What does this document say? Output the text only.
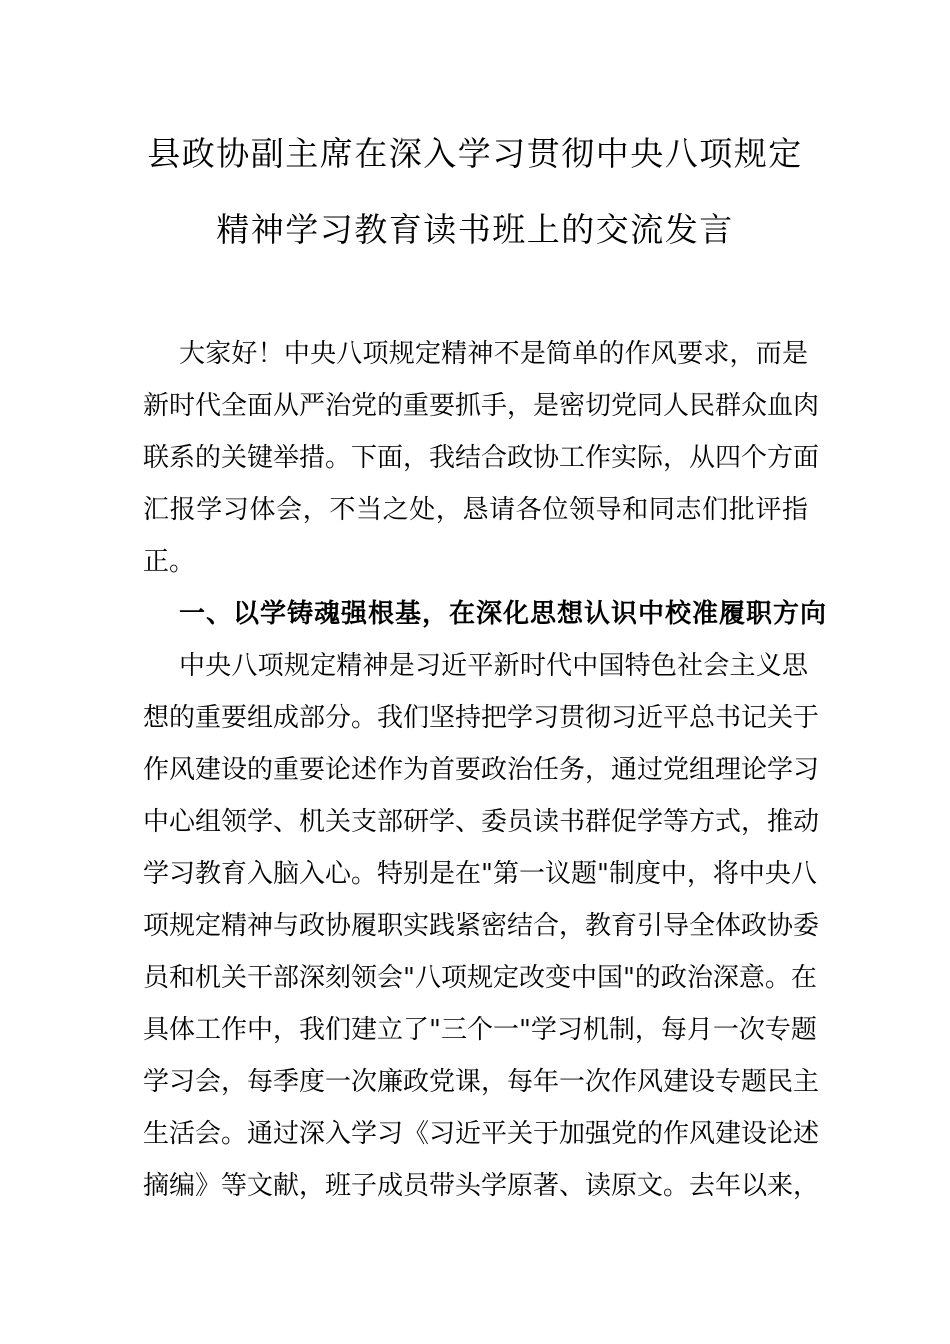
县政协副主席在深入学习贯彻中央八项规定
精神学习教育读书班上的交流发言
大家好！中央八项规定精神不是简单的作风要求，而是
新时代全面从严治党的重要抓手，是密切党同人民群众血肉
联系的关键举措。下面，我结合政协工作实际，从四个方面
汇报学习体会，不当之处，恳请各位领导和同志们批评指
正。
一、以学铸魂强根基，在深化思想认识中校准履职方向
中央八项规定精神是习近平新时代中国特色社会主义思
想的重要组成部分。我们坚持把学习贯彻习近平总书记关于
作风建设的重要论述作为首要政治任务，通过党组理论学习
中心组领学、机关支部研学、委员读书群促学等方式，推动
学习教育入脑入心。特别是在"第一议题"制度中，将中央八
项规定精神与政协履职实践紧密结合，教育引导全体政协委
员和机关干部深刻领会"八项规定改变中国"的政治深意。在
具体工作中，我们建立了"三个一"学习机制，每月一次专题
学习会，每季度一次廉政党课，每年一次作风建设专题民主
生活会。通过深入学习《习近平关于加强党的作风建设论述
摘编》等文献，班子成员带头学原著、读原文。去年以来，
